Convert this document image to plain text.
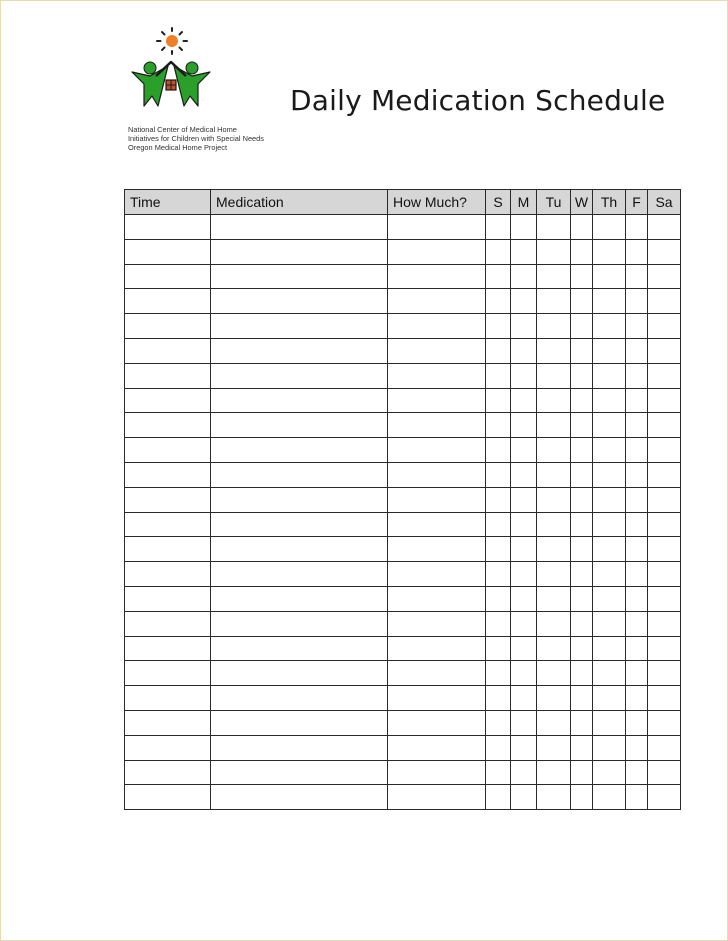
Daily Medication Schedule
National Center of Medical Home
Initiatives for Children with Special Needs
Oregon Medical Home Project
Time	Medication	How Much?	S	M	Tu	W	Th	F	Sa
